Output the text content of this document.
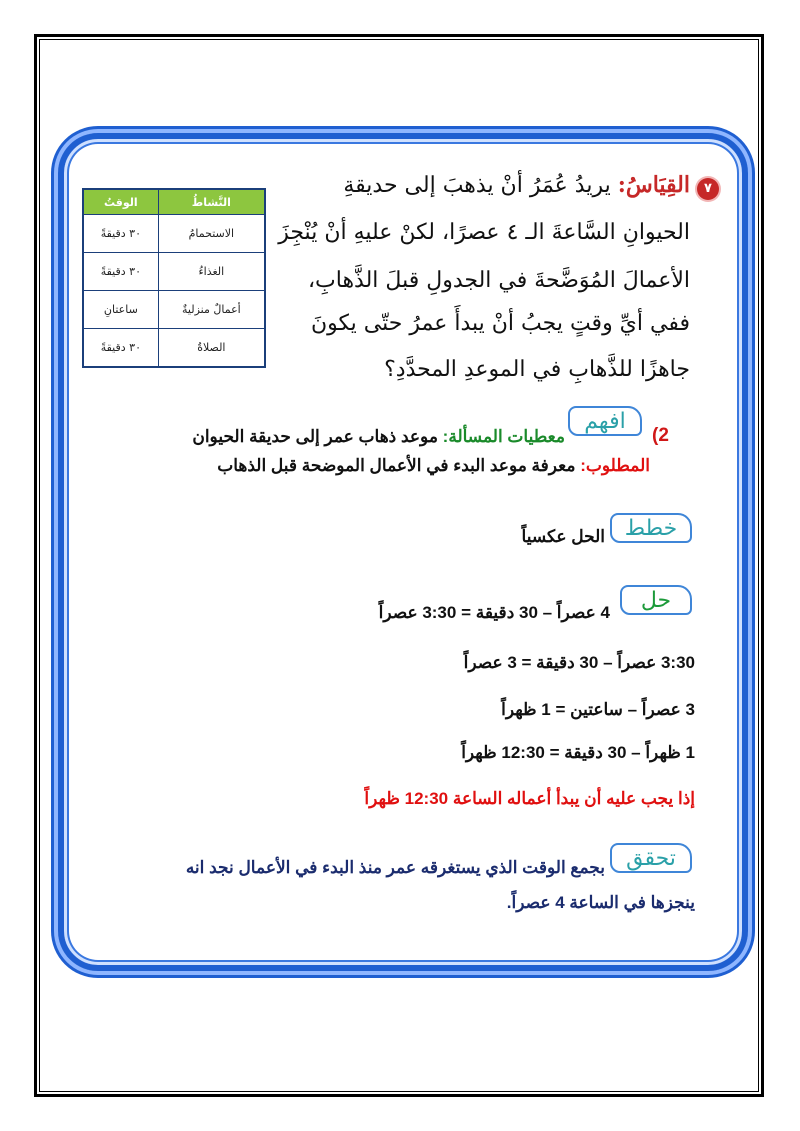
٧
القِيَاسُ: يريدُ عُمَرُ أنْ يذهبَ إلى حديقةِ
الحيوانِ السَّاعةَ الـ ٤ عصرًا، لكنْ عليهِ أنْ يُنْجِزَ
الأعمالَ المُوَضَّحةَ في الجدولِ قبلَ الذَّهابِ،
ففي أيِّ وقتٍ يجبُ أنْ يبدأَ عمرُ حتّى يكونَ
جاهزًا للذَّهابِ في الموعدِ المحدَّدِ؟
النَّشاطُ	الوقتُ
الاستحمامُ	٣٠ دقيقةً
الغذاءُ	٣٠ دقيقةً
أعمالٌ منزليةٌ	ساعتانِ
الصلاةُ	٣٠ دقيقةً
2)
افهم
معطيات المسألة: موعد ذهاب عمر إلى حديقة الحيوان
المطلوب: معرفة موعد البدء في الأعمال الموضحة قبل الذهاب
خطط
الحل عكسياً
حل
4 عصراً – 30 دقيقة = 3:30 عصراً
3:30 عصراً – 30 دقيقة = 3 عصراً
3 عصراً – ساعتين = 1 ظهراً
1 ظهراً – 30 دقيقة = 12:30 ظهراً
إذا يجب عليه أن يبدأ أعماله الساعة 12:30 ظهراً
تحقق
بجمع الوقت الذي يستغرقه عمر منذ البدء في الأعمال نجد انه
ينجزها في الساعة 4 عصراً.
